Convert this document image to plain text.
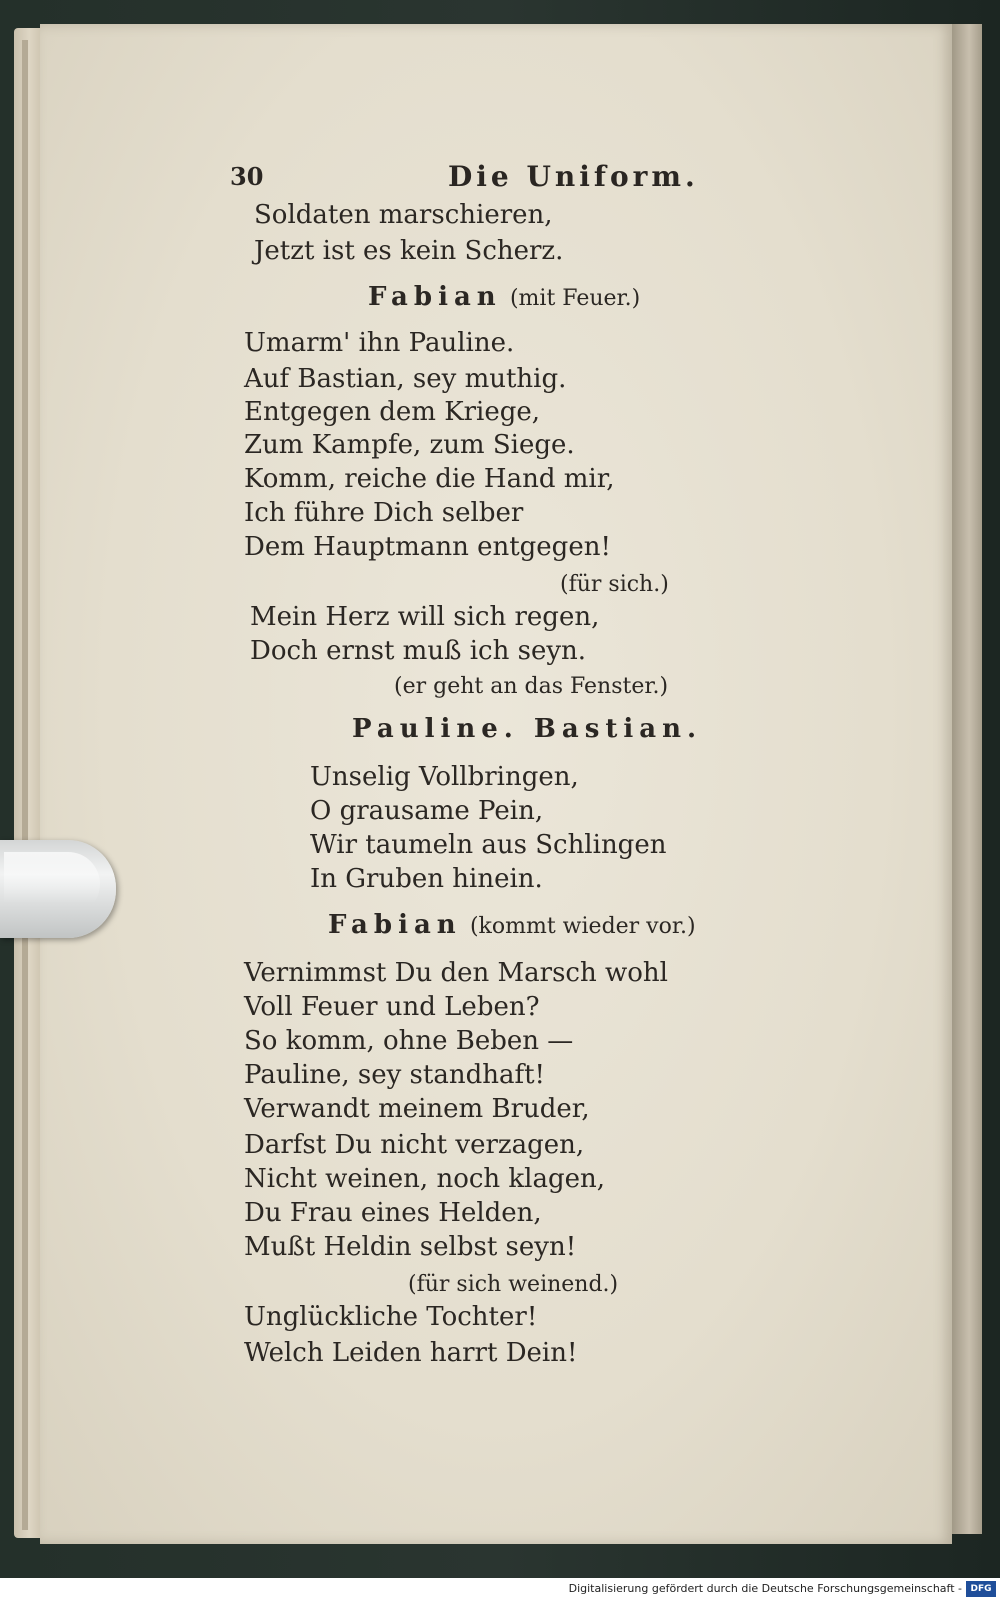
30	Die Uniform.
Soldaten marschieren,
Jetzt ist es kein Scherz.
Fabian (mit Feuer.)
Umarm' ihn Pauline.
Auf Bastian, sey muthig.
Entgegen dem Kriege,
Zum Kampfe, zum Siege.
Komm, reiche die Hand mir,
Ich führe Dich selber
Dem Hauptmann entgegen!
(für sich.)
Mein Herz will sich regen,
Doch ernst muß ich seyn.
(er geht an das Fenster.)
Pauline. Bastian.
Unselig Vollbringen,
O grausame Pein,
Wir taumeln aus Schlingen
In Gruben hinein.
Fabian (kommt wieder vor.)
Vernimmst Du den Marsch wohl
Voll Feuer und Leben?
So komm, ohne Beben —
Pauline, sey standhaft!
Verwandt meinem Bruder,
Darfst Du nicht verzagen,
Nicht weinen, noch klagen,
Du Frau eines Helden,
Mußt Heldin selbst seyn!
(für sich weinend.)
Unglückliche Tochter!
Welch Leiden harrt Dein!
Digitalisierung gefördert durch die Deutsche Forschungsgemeinschaft - DFG
